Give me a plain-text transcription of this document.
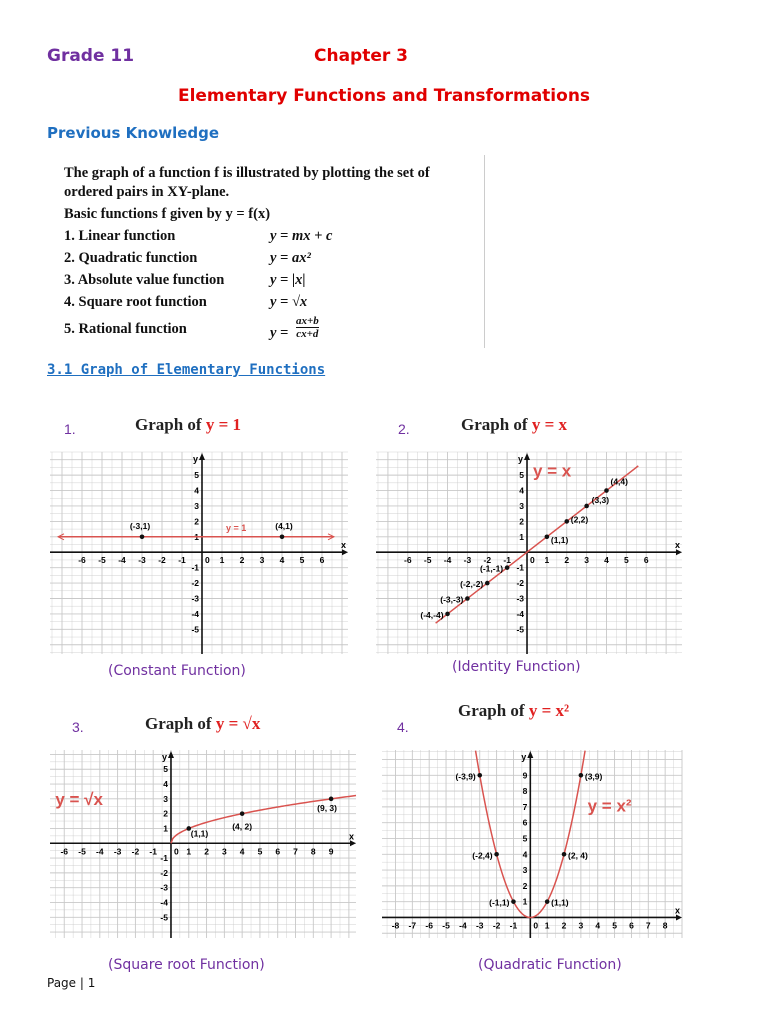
Grade 11	Chapter 3
Elementary Functions and Transformations
Previous Knowledge
The graph of a function f is illustrated by plotting the set of
ordered pairs in XY-plane.
Basic functions f given by y = f(x)
1. Linear function	y = mx + c
2. Quadratic function	y = ax²
3. Absolute value function	y = |x|
4. Square root function	y = √x
5. Rational function	$y = \frac{ax+b}{cx+d}$
3.1 Graph of Elementary Functions
1.	Graph of y = 1
x
y
-6 -5 -4 -3 -2 -1	1 2 3 4 5 6
0
-5
-4
-3
-2
-1
1
2
3
4
5
y = 1
(-3,1)	(4,1)
(Constant Function)
2.	Graph of y = x
x
y
-6 -5 -4 -3 -2 -1	1 2 3 4 5 6
0
-5
-4
-3
-2
-1
1
2
3
4
5 y = x
(4,4)
(3,3)
(2,2)
(1,1)
(-1,-1)
(-2,-2)
(-3,-3)
(-4,-4)
(Identity Function)
3.	Graph of y = √x
x
y
-6 -5 -4 -3 -2 -1	1 2 3 4 5 6 7 8 9
0
-5
-4
-3
-2
-1
1
2
3
4
5
y = √x
(1,1)
(4, 2)
(9, 3)
(Square root Function)
4.
Graph of y = x²
x
y
-8 -7 -6 -5 -4 -3 -2 -1	1 2 3 4 5 6 7 8
0
1
2
3
4
5
6
7
8
9
y = x²
(-3,9)	(3,9)
(-2,4)	(2, 4)
(-1,1)	(1,1)
(Quadratic Function)
Page | 1
